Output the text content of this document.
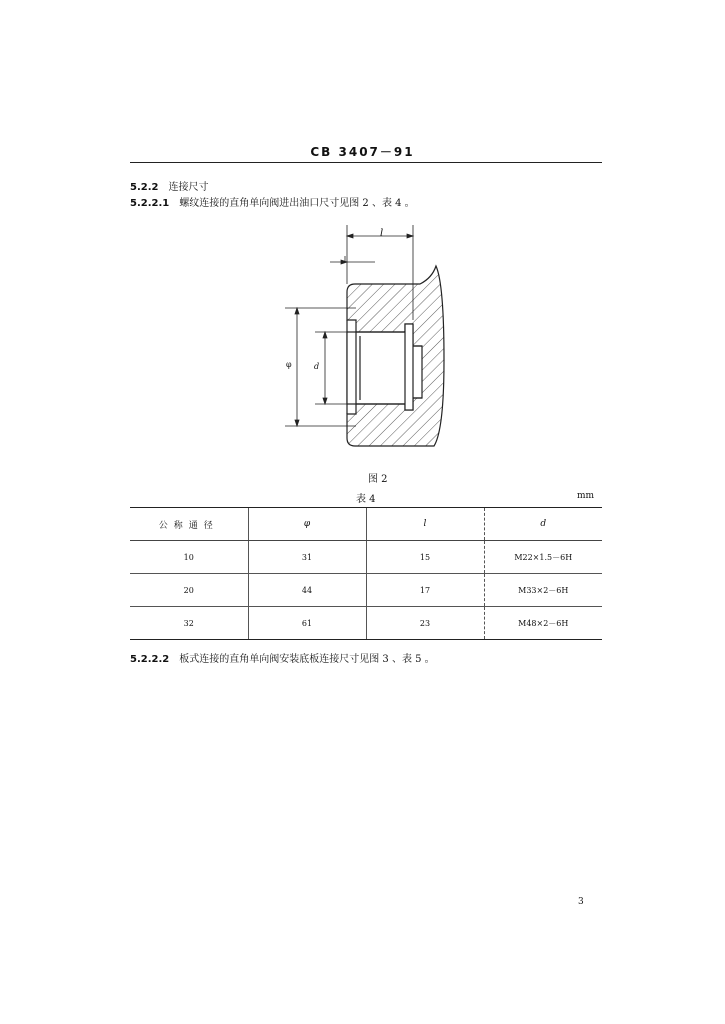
CB 3407－91
5.2.2 连接尺寸
5.2.2.1 螺纹连接的直角单向阀进出油口尺寸见图 2 、表 4 。
l
φ	d
图 2
表 4	mm
公称通径	φ	l	d
10	31	15	M22×1.5－6H
20	44	17	M33×2－6H
32	61	23	M48×2－6H
5.2.2.2 板式连接的直角单向阀安装底板连接尺寸见图 3 、表 5 。
3
